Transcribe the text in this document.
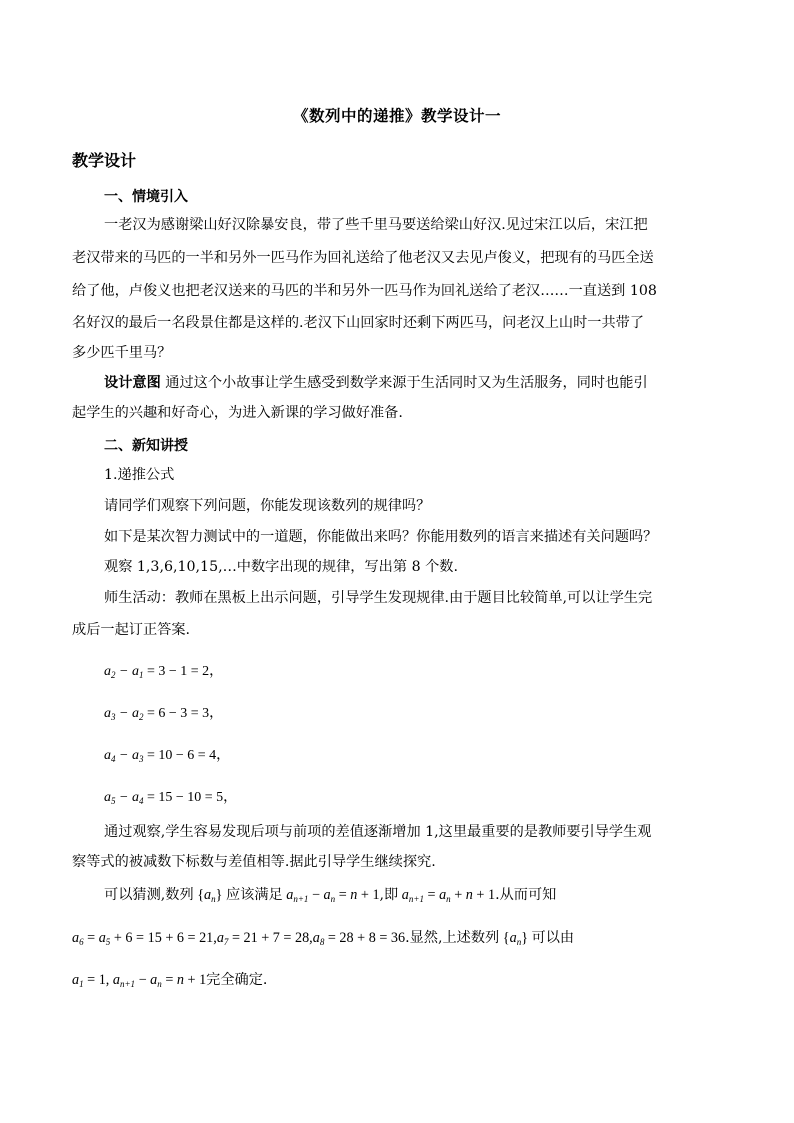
《数列中的递推》教学设计一
教学设计
一、情境引入
一老汉为感谢梁山好汉除暴安良，带了些千里马要送给梁山好汉.见过宋江以后，宋江把
老汉带来的马匹的一半和另外一匹马作为回礼送给了他老汉又去见卢俊义，把现有的马匹全送
给了他，卢俊义也把老汉送来的马匹的半和另外一匹马作为回礼送给了老汉……一直送到 108
名好汉的最后一名段景住都是这样的.老汉下山回家时还剩下两匹马，问老汉上山时一共带了
多少匹千里马？
设计意图 通过这个小故事让学生感受到数学来源于生活同时又为生活服务，同时也能引
起学生的兴趣和好奇心，为进入新课的学习做好准备.
二、新知讲授
1.递推公式
请同学们观察下列问题，你能发现该数列的规律吗？
如下是某次智力测试中的一道题，你能做出来吗？你能用数列的语言来描述有关问题吗？
观察 1,3,6,10,15,…中数字出现的规律，写出第 8 个数.
师生活动：教师在黑板上出示问题，引导学生发现规律.由于题目比较简单,可以让学生完
成后一起订正答案.
$a_2 - a_1 = 3 - 1 = 2$，
$a_3 - a_2 = 6 - 3 = 3$，
$a_4 - a_3 = 10 - 6 = 4$，
$a_5 - a_4 = 15 - 10 = 5$，
通过观察,学生容易发现后项与前项的差值逐渐增加 1,这里最重要的是教师要引导学生观
察等式的被减数下标数与差值相等.据此引导学生继续探究.
可以猜测,数列 $\{a_n\}$ 应该满足 $a_{n+1} - a_n = n + 1$,即 $a_{n+1} = a_n + n + 1$.从而可知
$a_6 = a_5 + 6 = 15 + 6 = 21,a_7 = 21 + 7 = 28,a_8 = 28 + 8 = 36$.显然,上述数列 $\{a_n\}$ 可以由
$a_1 = 1$, $a_{n+1} - a_n = n + 1$完全确定.
